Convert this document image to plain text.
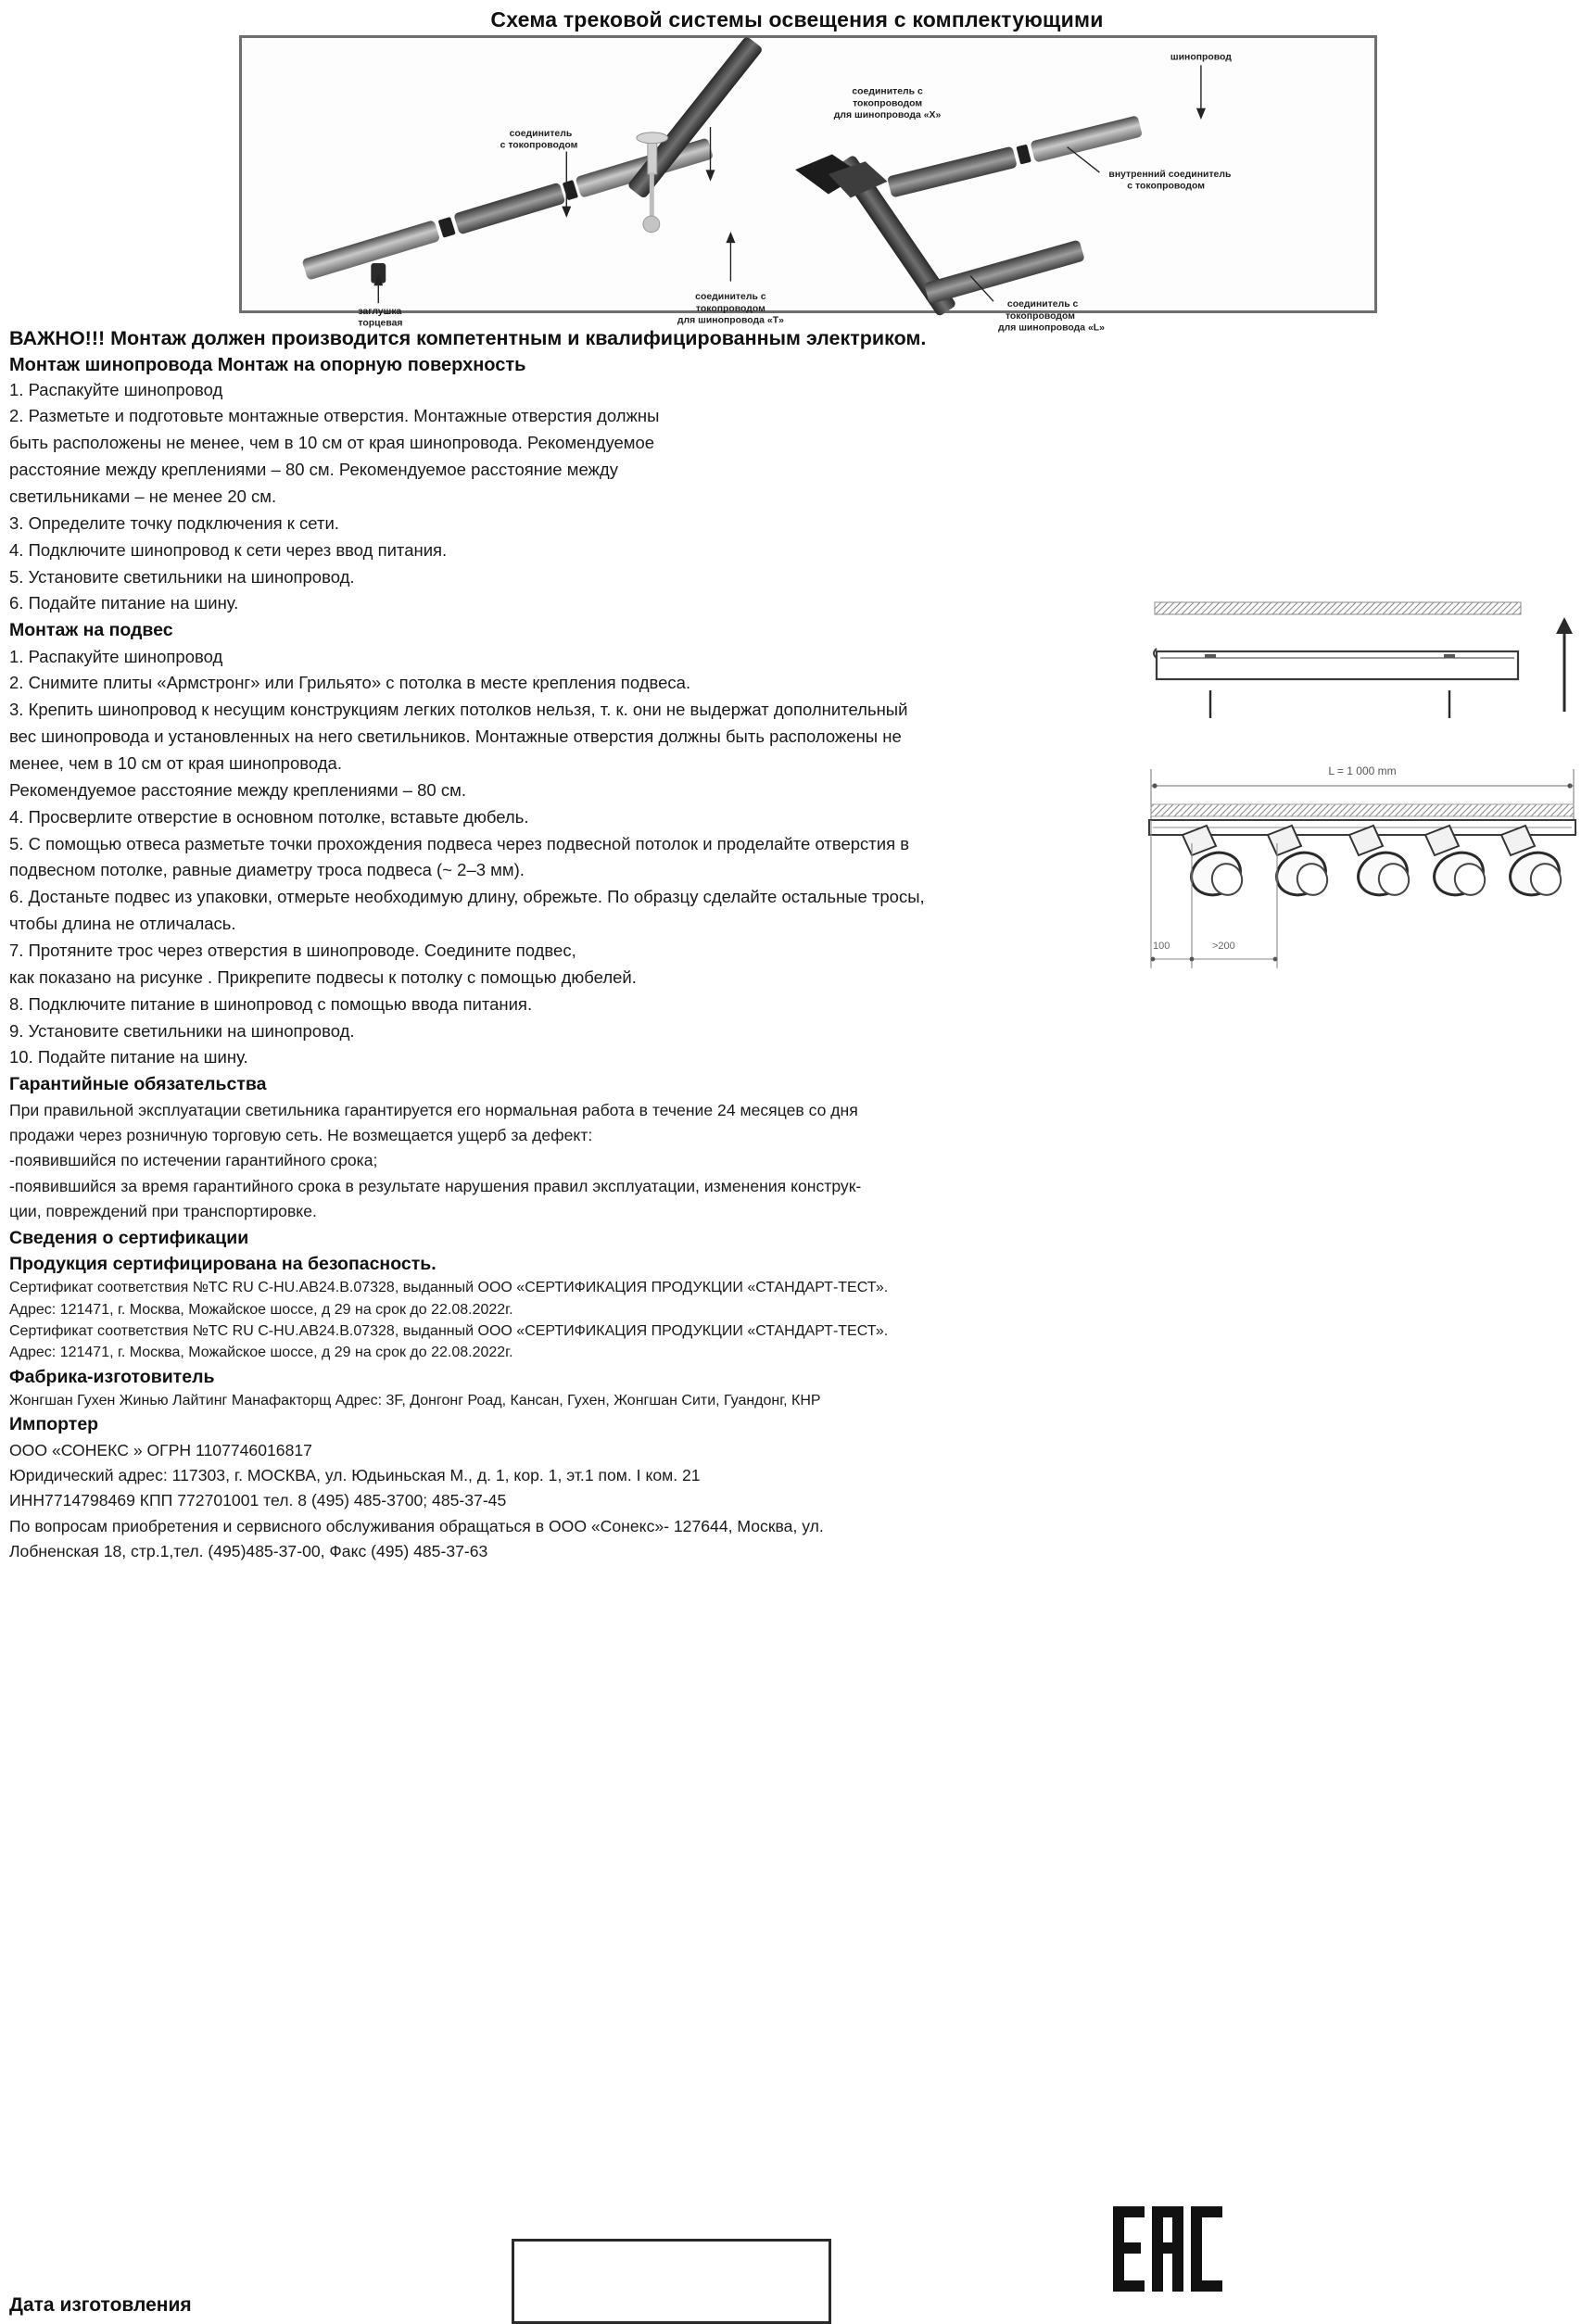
Схема трековой системы освещения с комплектующими
соединитель
с токопроводом
соединитель с
токопроводом
для шинопровода «Х»
шинопровод
внутренний соединитель
с токопроводом
соединитель с
токопроводом
для шинопровода «Т»
соединитель с
токопроводом
для шинопровода «L»
заглушка
торцевая
ВАЖНО!!! Монтаж должен производится компетентным и квалифицированным электриком.
Монтаж шинопровода Монтаж на опорную поверхность
1. Распакуйте шинопровод
2. Разметьте и подготовьте монтажные отверстия. Монтажные отверстия должны
быть расположены не менее, чем в 10 см от края шинопровода. Рекомендуемое
расстояние между креплениями – 80 см. Рекомендуемое расстояние между
светильниками – не менее 20 см.
3. Определите точку подключения к сети.
4. Подключите шинопровод к сети через ввод питания.
5. Установите светильники на шинопровод.
6. Подайте питание на шину.
Монтаж на подвес
1. Распакуйте шинопровод
2. Снимите плиты «Армстронг» или Грильято» с потолка в месте крепления подвеса.
3. Крепить шинопровод к несущим конструкциям легких потолков нельзя, т. к. они не выдержат дополнительный
вес шинопровода и установленных на него светильников. Монтажные отверстия должны быть расположены не
менее, чем в 10 см от края шинопровода.
Рекомендуемое расстояние между креплениями – 80 см.
4. Просверлите отверстие в основном потолке, вставьте дюбель.
5. С помощью отвеса разметьте точки прохождения подвеса через подвесной потолок и проделайте отверстия в
подвесном потолке, равные диаметру троса подвеса (~ 2–3 мм).
6. Достаньте подвес из упаковки, отмерьте необходимую длину, обрежьте. По образцу сделайте остальные тросы,
чтобы длина не отличалась.
7. Протяните трос через отверстия в шинопроводе. Соедините подвес,
как показано на рисунке . Прикрепите подвесы к потолку с помощью дюбелей.
8. Подключите питание в шинопровод с помощью ввода питания.
9. Установите светильники на шинопровод.
10. Подайте питание на шину.
Гарантийные обязательства
При правильной эксплуатации светильника гарантируется его нормальная работа в течение 24 месяцев со дня
продажи через розничную торговую сеть. Не возмещается ущерб за дефект:
-появившийся по истечении гарантийного срока;
-появившийся за время гарантийного срока в результате нарушения правил эксплуатации, изменения конструк-
ции, повреждений при транспортировке.
Сведения о сертификации
Продукция сертифицирована на безопасность.
Сертификат соответствия №ТС RU C-HU.АВ24.В.07328, выданный ООО «СЕРТИФИКАЦИЯ ПРОДУКЦИИ «СТАНДАРТ-ТЕСТ».
Адрес: 121471, г. Москва, Можайское шоссе, д 29 на срок до 22.08.2022г.
Сертификат соответствия №ТС RU C-HU.АВ24.В.07328, выданный ООО «СЕРТИФИКАЦИЯ ПРОДУКЦИИ «СТАНДАРТ-ТЕСТ».
Адрес: 121471, г. Москва, Можайское шоссе, д 29 на срок до 22.08.2022г.
Фабрика-изготовитель
Жонгшан Гухен Жинью Лайтинг Манафакторщ Адрес: 3F, Донгонг Роад, Кансан, Гухен, Жонгшан Сити, Гуандонг, КНР
Импортер
ООО «СОНЕКС » ОГРН 1107746016817
Юридический адрес: 117303, г. МОСКВА, ул. Юдьиньская М., д. 1, кор. 1, эт.1 пом. I ком. 21
ИНН7714798469 КПП 772701001 тел. 8 (495) 485-3700; 485-37-45
По вопросам приобретения и сервисного обслуживания обращаться в ООО «Сонекс»- 127644, Москва, ул.
Лобненская 18, стр.1,тел. (495)485-37-00, Факс (495) 485-37-63
L = 1 000 mm
100	>200
Дата изготовления
